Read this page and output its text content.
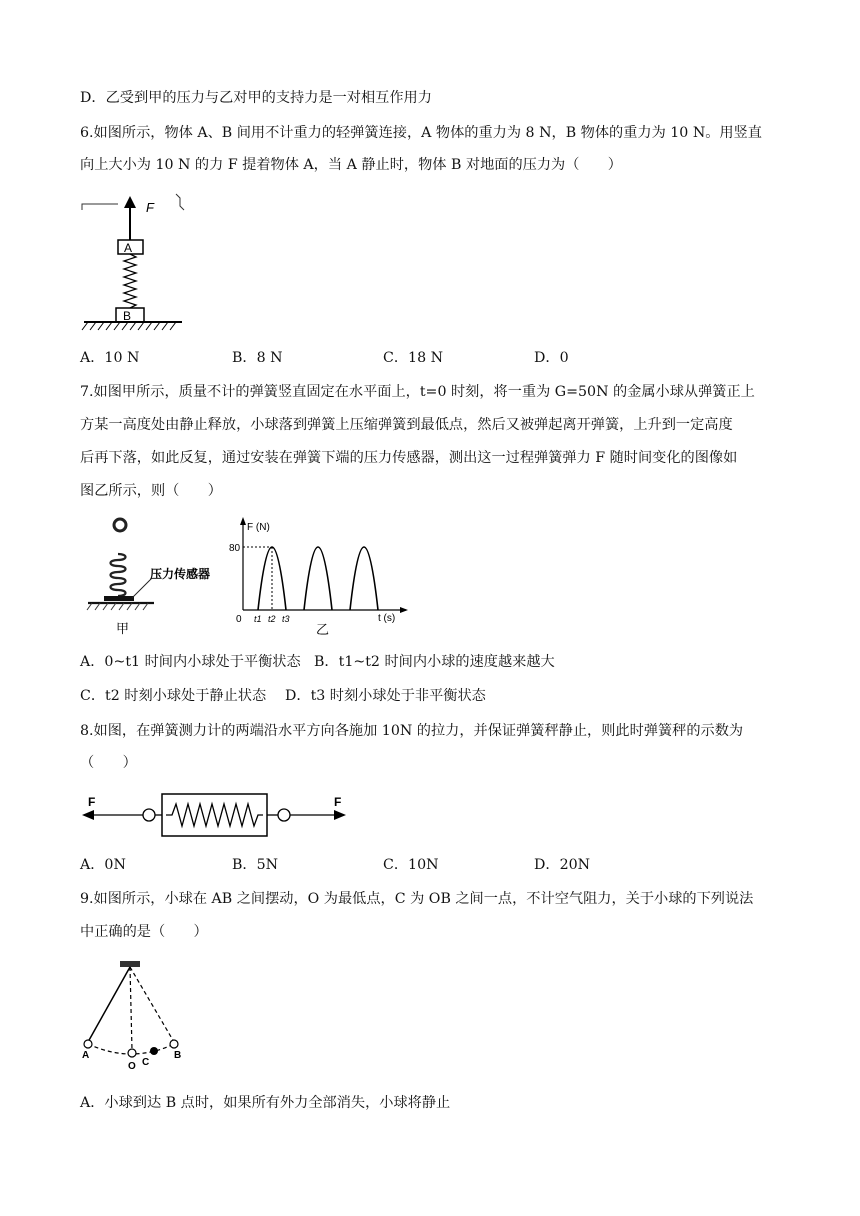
D．乙受到甲的压力与乙对甲的支持力是一对相互作用力
6.如图所示，物体 A、B 间用不计重力的轻弹簧连接，A 物体的重力为 8 N，B 物体的重力为 10 N。用竖直
向上大小为 10 N 的力 F 提着物体 A，当 A 静止时，物体 B 对地面的压力为（　　）
F
A
B
A．10 N	B．8 N	C．18 N	D．0
7.如图甲所示，质量不计的弹簧竖直固定在水平面上，t=0 时刻，将一重为 G=50N 的金属小球从弹簧正上
方某一高度处由静止释放，小球落到弹簧上压缩弹簧到最低点，然后又被弹起离开弹簧，上升到一定高度
后再下落，如此反复，通过安装在弹簧下端的压力传感器，测出这一过程弹簧弹力 F 随时间变化的图像如
图乙所示，则（　　）
压力传感器
甲
F (N)
80
0 t1 t2 t3	t (s)
乙
A．0~t1 时间内小球处于平衡状态 B．t1~t2 时间内小球的速度越来越大
C．t2 时刻小球处于静止状态 D．t3 时刻小球处于非平衡状态
8.如图，在弹簧测力计的两端沿水平方向各施加 10N 的拉力，并保证弹簧秤静止，则此时弹簧秤的示数为
（　　）
F	F
A．0N	B．5N	C．10N	D．20N
9.如图所示，小球在 AB 之间摆动，O 为最低点，C 为 OB 之间一点，不计空气阻力，关于小球的下列说法
中正确的是（　　）
A
O C
B
A．小球到达 B 点时，如果所有外力全部消失，小球将静止
